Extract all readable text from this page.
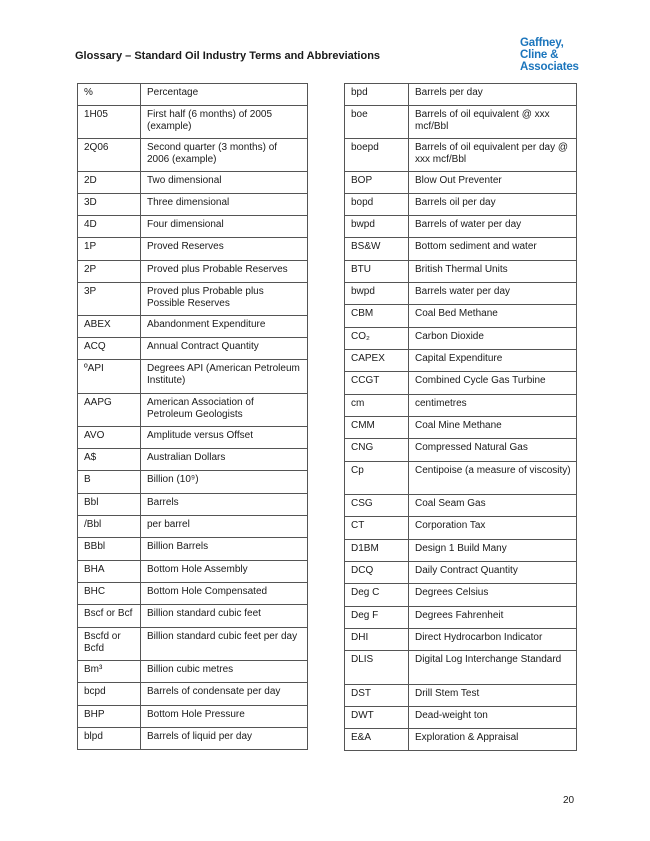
Glossary – Standard Oil Industry Terms and Abbreviations
Gaffney,
Cline &
Associates
%	Percentage
1H05	First half (6 months) of 2005 (example)
2Q06	Second quarter (3 months) of 2006 (example)
2D	Two dimensional
3D	Three dimensional
4D	Four dimensional
1P	Proved Reserves
2P	Proved plus Probable Reserves
3P	Proved plus Probable plus Possible Reserves
ABEX	Abandonment Expenditure
ACQ	Annual Contract Quantity
ºAPI	Degrees API (American Petroleum Institute)
AAPG	American Association of Petroleum Geologists
AVO	Amplitude versus Offset
A$	Australian Dollars
B	Billion (10⁹)
Bbl	Barrels
/Bbl	per barrel
BBbl	Billion Barrels
BHA	Bottom Hole Assembly
BHC	Bottom Hole Compensated
Bscf or Bcf	Billion standard cubic feet
Bscfd or Bcfd	Billion standard cubic feet per day
Bm³	Billion cubic metres
bcpd	Barrels of condensate per day
BHP	Bottom Hole Pressure
blpd	Barrels of liquid per day
bpd	Barrels per day
boe	Barrels of oil equivalent @ xxx mcf/Bbl
boepd	Barrels of oil equivalent per day @ xxx mcf/Bbl
BOP	Blow Out Preventer
bopd	Barrels oil per day
bwpd	Barrels of water per day
BS&W	Bottom sediment and water
BTU	British Thermal Units
bwpd	Barrels water per day
CBM	Coal Bed Methane
CO₂	Carbon Dioxide
CAPEX	Capital Expenditure
CCGT	Combined Cycle Gas Turbine
cm	centimetres
CMM	Coal Mine Methane
CNG	Compressed Natural Gas
Cp	Centipoise (a measure of viscosity)
CSG	Coal Seam Gas
CT	Corporation Tax
D1BM	Design 1 Build Many
DCQ	Daily Contract Quantity
Deg C	Degrees Celsius
Deg F	Degrees Fahrenheit
DHI	Direct Hydrocarbon Indicator
DLIS	Digital Log Interchange Standard
DST	Drill Stem Test
DWT	Dead-weight ton
E&A	Exploration & Appraisal
20
